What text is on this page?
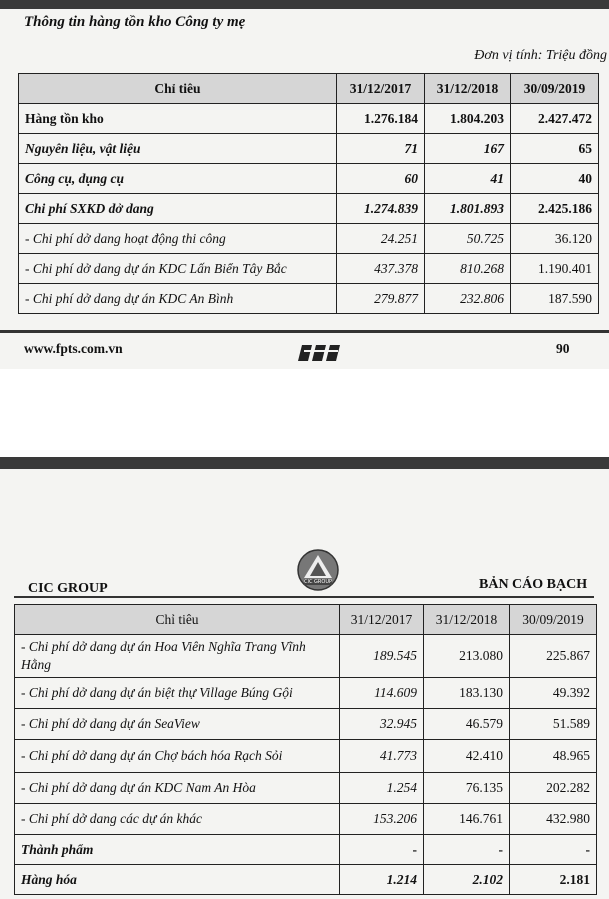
Thông tin hàng tồn kho Công ty mẹ
Đơn vị tính: Triệu đồng
Chỉ tiêu	31/12/2017	31/12/2018	30/09/2019
Hàng tồn kho	1.276.184	1.804.203	2.427.472
Nguyên liệu, vật liệu	71	167	65
Công cụ, dụng cụ	60	41	40
Chi phí SXKD dở dang	1.274.839	1.801.893	2.425.186
- Chi phí dở dang hoạt động thi công	24.251	50.725	36.120
- Chi phí dở dang dự án KDC Lấn Biển Tây Bắc	437.378	810.268	1.190.401
- Chi phí dở dang dự án KDC An Bình	279.877	232.806	187.590
www.fpts.com.vn	90
CIC GROUP
CIC GROUP	BẢN CÁO BẠCH
Chỉ tiêu	31/12/2017	31/12/2018	30/09/2019
- Chi phí dở dang dự án Hoa Viên Nghĩa Trang Vĩnh Hằng	189.545	213.080	225.867
- Chi phí dở dang dự án biệt thự Village Búng Gội	114.609	183.130	49.392
- Chi phí dở dang dự án SeaView	32.945	46.579	51.589
- Chi phí dở dang dự án Chợ bách hóa Rạch Sỏi	41.773	42.410	48.965
- Chi phí dở dang dự án KDC Nam An Hòa	1.254	76.135	202.282
- Chi phí dở dang các dự án khác	153.206	146.761	432.980
Thành phẩm	-	-	-
Hàng hóa	1.214	2.102	2.181
